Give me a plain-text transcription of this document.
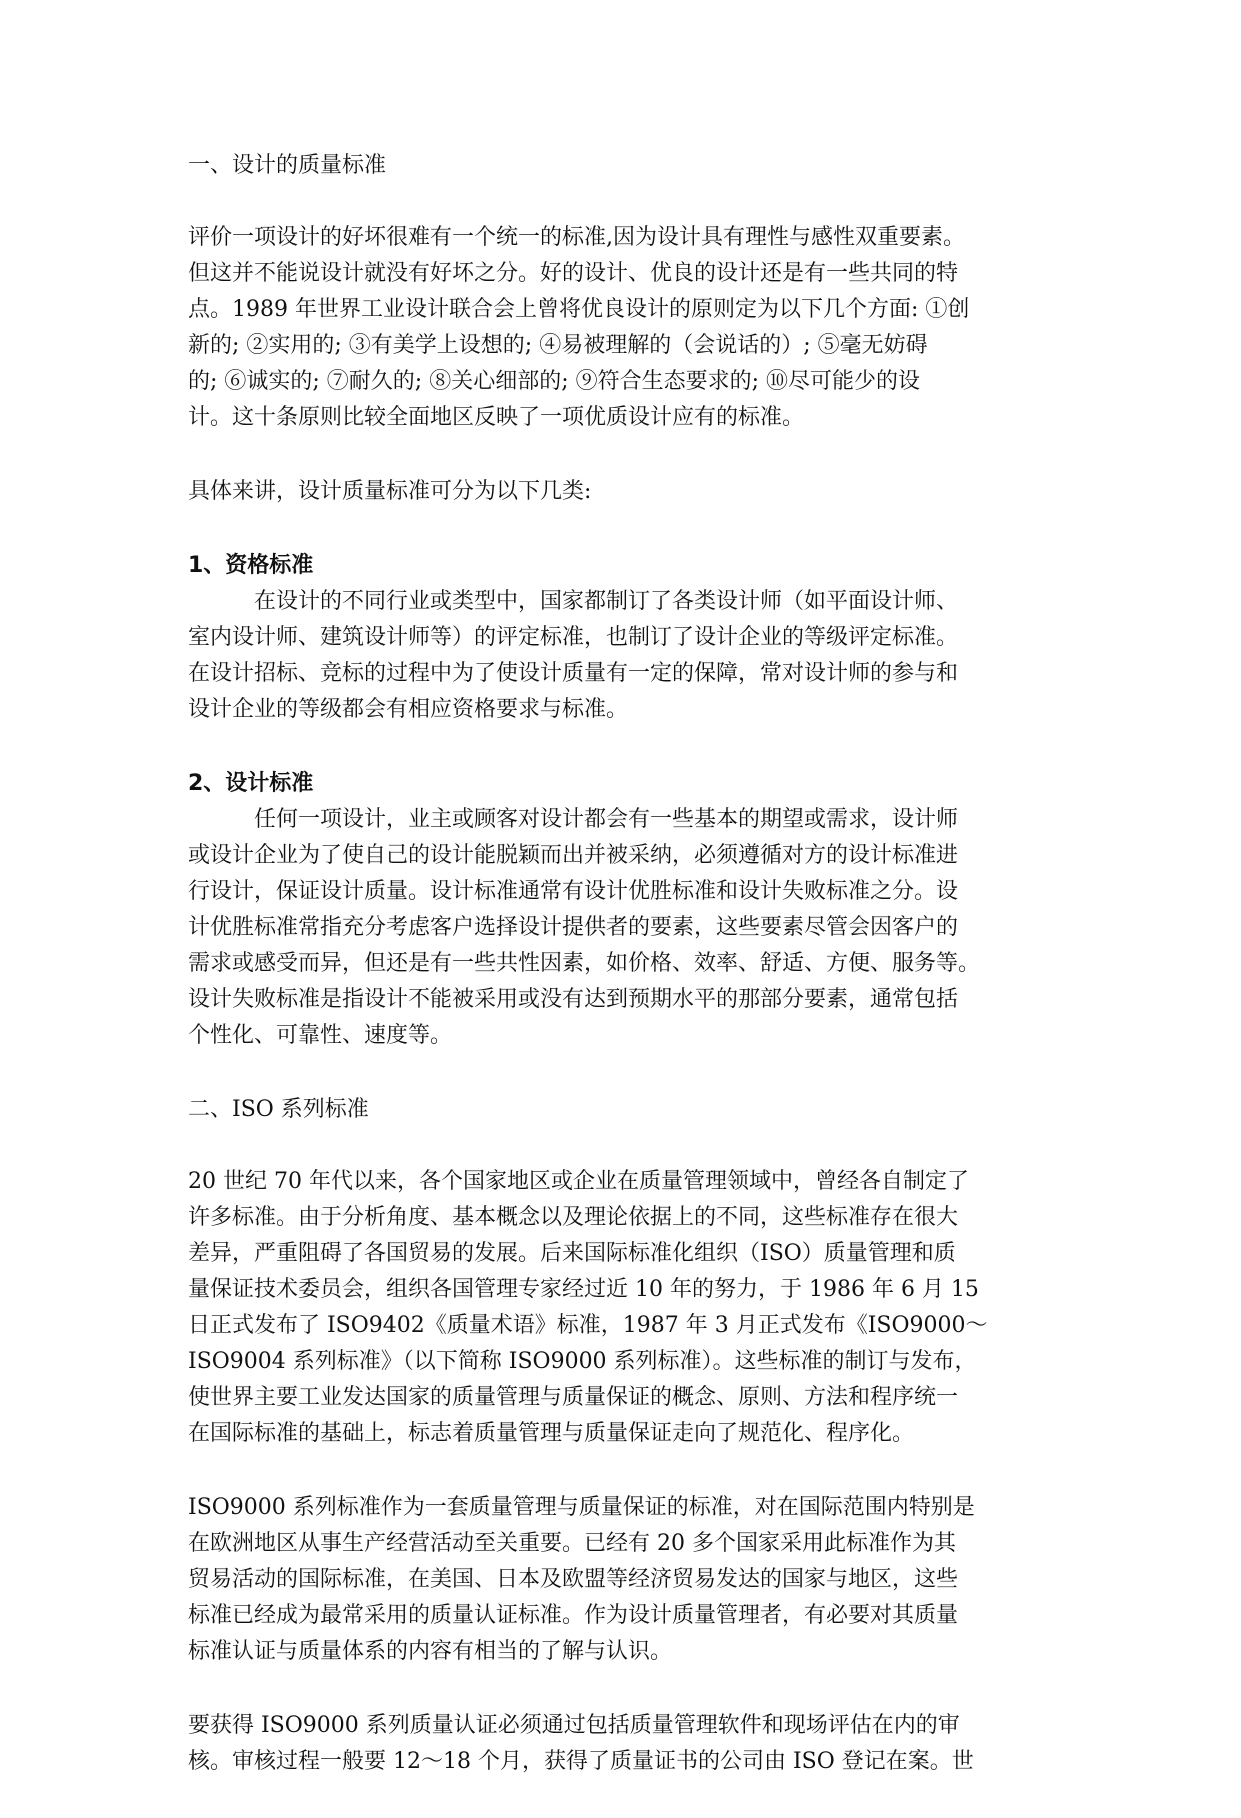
一、设计的质量标准
评价一项设计的好坏很难有一个统一的标准,因为设计具有理性与感性双重要素。
但这并不能说设计就没有好坏之分。好的设计、优良的设计还是有一些共同的特
点。1989 年世界工业设计联合会上曾将优良设计的原则定为以下几个方面: ①创
新的; ②实用的; ③有美学上设想的; ④易被理解的（会说话的）; ⑤毫无妨碍
的; ⑥诚实的; ⑦耐久的; ⑧关心细部的; ⑨符合生态要求的; ⑩尽可能少的设
计。这十条原则比较全面地区反映了一项优质设计应有的标准。
具体来讲，设计质量标准可分为以下几类:
1、资格标准
在设计的不同行业或类型中，国家都制订了各类设计师（如平面设计师、
室内设计师、建筑设计师等）的评定标准，也制订了设计企业的等级评定标准。
在设计招标、竞标的过程中为了使设计质量有一定的保障，常对设计师的参与和
设计企业的等级都会有相应资格要求与标准。
2、设计标准
任何一项设计，业主或顾客对设计都会有一些基本的期望或需求，设计师
或设计企业为了使自己的设计能脱颖而出并被采纳，必须遵循对方的设计标准进
行设计，保证设计质量。设计标准通常有设计优胜标准和设计失败标准之分。设
计优胜标准常指充分考虑客户选择设计提供者的要素，这些要素尽管会因客户的
需求或感受而异，但还是有一些共性因素，如价格、效率、舒适、方便、服务等。
设计失败标准是指设计不能被采用或没有达到预期水平的那部分要素，通常包括
个性化、可靠性、速度等。
二、ISO 系列标准
20 世纪 70 年代以来，各个国家地区或企业在质量管理领域中，曾经各自制定了
许多标准。由于分析角度、基本概念以及理论依据上的不同，这些标准存在很大
差异，严重阻碍了各国贸易的发展。后来国际标准化组织（ISO）质量管理和质
量保证技术委员会，组织各国管理专家经过近 10 年的努力，于 1986 年 6 月 15
日正式发布了 ISO9402《质量术语》标准，1987 年 3 月正式发布《ISO9000～
ISO9004 系列标准》（以下简称 ISO9000 系列标准）。这些标准的制订与发布，
使世界主要工业发达国家的质量管理与质量保证的概念、原则、方法和程序统一
在国际标准的基础上，标志着质量管理与质量保证走向了规范化、程序化。
ISO9000 系列标准作为一套质量管理与质量保证的标准，对在国际范围内特别是
在欧洲地区从事生产经营活动至关重要。已经有 20 多个国家采用此标准作为其
贸易活动的国际标准，在美国、日本及欧盟等经济贸易发达的国家与地区，这些
标准已经成为最常采用的质量认证标准。作为设计质量管理者，有必要对其质量
标准认证与质量体系的内容有相当的了解与认识。
要获得 ISO9000 系列质量认证必须通过包括质量管理软件和现场评估在内的审
核。审核过程一般要 12～18 个月，获得了质量证书的公司由 ISO 登记在案。世
